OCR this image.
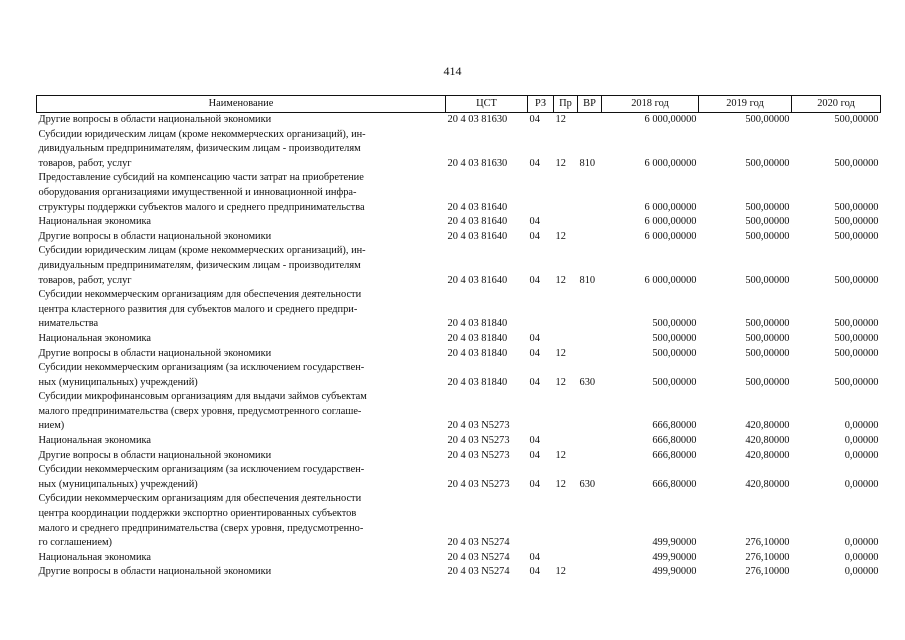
414
Наименование	ЦСТ	РЗ	Пр	ВР	2018 год	2019 год	2020 год
Другие вопросы в области национальной экономики	20 4 03 81630	04	12		6 000,00000	500,00000	500,00000
Субсидии юридическим лицам (кроме некоммерческих организаций), ин-
дивидуальным предпринимателям, физическим лицам - производителям
товаров, работ, услуг	20 4 03 81630	04	12	810	6 000,00000	500,00000	500,00000
Предоставление субсидий на компенсацию части затрат на приобретение
оборудования организациями имущественной и инновационной инфра-
структуры поддержки субъектов малого и среднего предпринимательства	20 4 03 81640				6 000,00000	500,00000	500,00000
Национальная экономика	20 4 03 81640	04			6 000,00000	500,00000	500,00000
Другие вопросы в области национальной экономики	20 4 03 81640	04	12		6 000,00000	500,00000	500,00000
Субсидии юридическим лицам (кроме некоммерческих организаций), ин-
дивидуальным предпринимателям, физическим лицам - производителям
товаров, работ, услуг	20 4 03 81640	04	12	810	6 000,00000	500,00000	500,00000
Субсидии некоммерческим организациям для обеспечения деятельности
центра кластерного развития для субъектов малого и среднего предпри-
нимательства	20 4 03 81840				500,00000	500,00000	500,00000
Национальная экономика	20 4 03 81840	04			500,00000	500,00000	500,00000
Другие вопросы в области национальной экономики	20 4 03 81840	04	12		500,00000	500,00000	500,00000
Субсидии некоммерческим организациям (за исключением государствен-
ных (муниципальных) учреждений)	20 4 03 81840	04	12	630	500,00000	500,00000	500,00000
Субсидии микрофинансовым организациям для выдачи займов субъектам
малого предпринимательства (сверх уровня, предусмотренного соглаше-
нием)	20 4 03 N5273				666,80000	420,80000	0,00000
Национальная экономика	20 4 03 N5273	04			666,80000	420,80000	0,00000
Другие вопросы в области национальной экономики	20 4 03 N5273	04	12		666,80000	420,80000	0,00000
Субсидии некоммерческим организациям (за исключением государствен-
ных (муниципальных) учреждений)	20 4 03 N5273	04	12	630	666,80000	420,80000	0,00000
Субсидии некоммерческим организациям для обеспечения деятельности
центра координации поддержки экспортно ориентированных субъектов
малого и среднего предпринимательства (сверх уровня, предусмотренно-
го соглашением)	20 4 03 N5274				499,90000	276,10000	0,00000
Национальная экономика	20 4 03 N5274	04			499,90000	276,10000	0,00000
Другие вопросы в области национальной экономики	20 4 03 N5274	04	12		499,90000	276,10000	0,00000
